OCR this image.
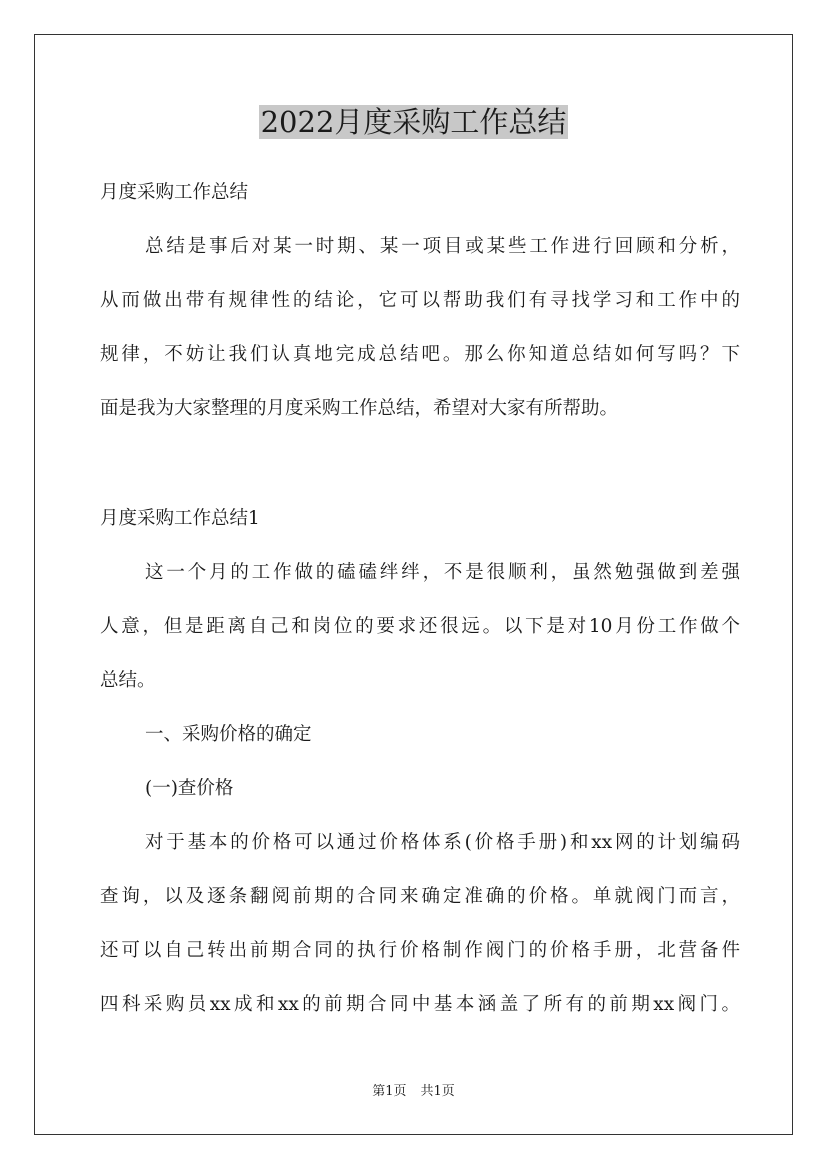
2022月度采购工作总结

月度采购工作总结

总结是事后对某一时期、某一项目或某些工作进行回顾和分析，

从而做出带有规律性的结论，它可以帮助我们有寻找学习和工作中的

规律，不妨让我们认真地完成总结吧。那么你知道总结如何写吗？下

面是我为大家整理的月度采购工作总结，希望对大家有所帮助。

月度采购工作总结1

这一个月的工作做的磕磕绊绊，不是很顺利，虽然勉强做到差强

人意，但是距离自己和岗位的要求还很远。以下是对10月份工作做个

总结。

一、采购价格的确定

(一)查价格

对于基本的价格可以通过价格体系(价格手册)和xx网的计划编码

查询，以及逐条翻阅前期的合同来确定准确的价格。单就阀门而言，

还可以自己转出前期合同的执行价格制作阀门的价格手册，北营备件

四科采购员xx成和xx的前期合同中基本涵盖了所有的前期xx阀门。

第1页 共1页
